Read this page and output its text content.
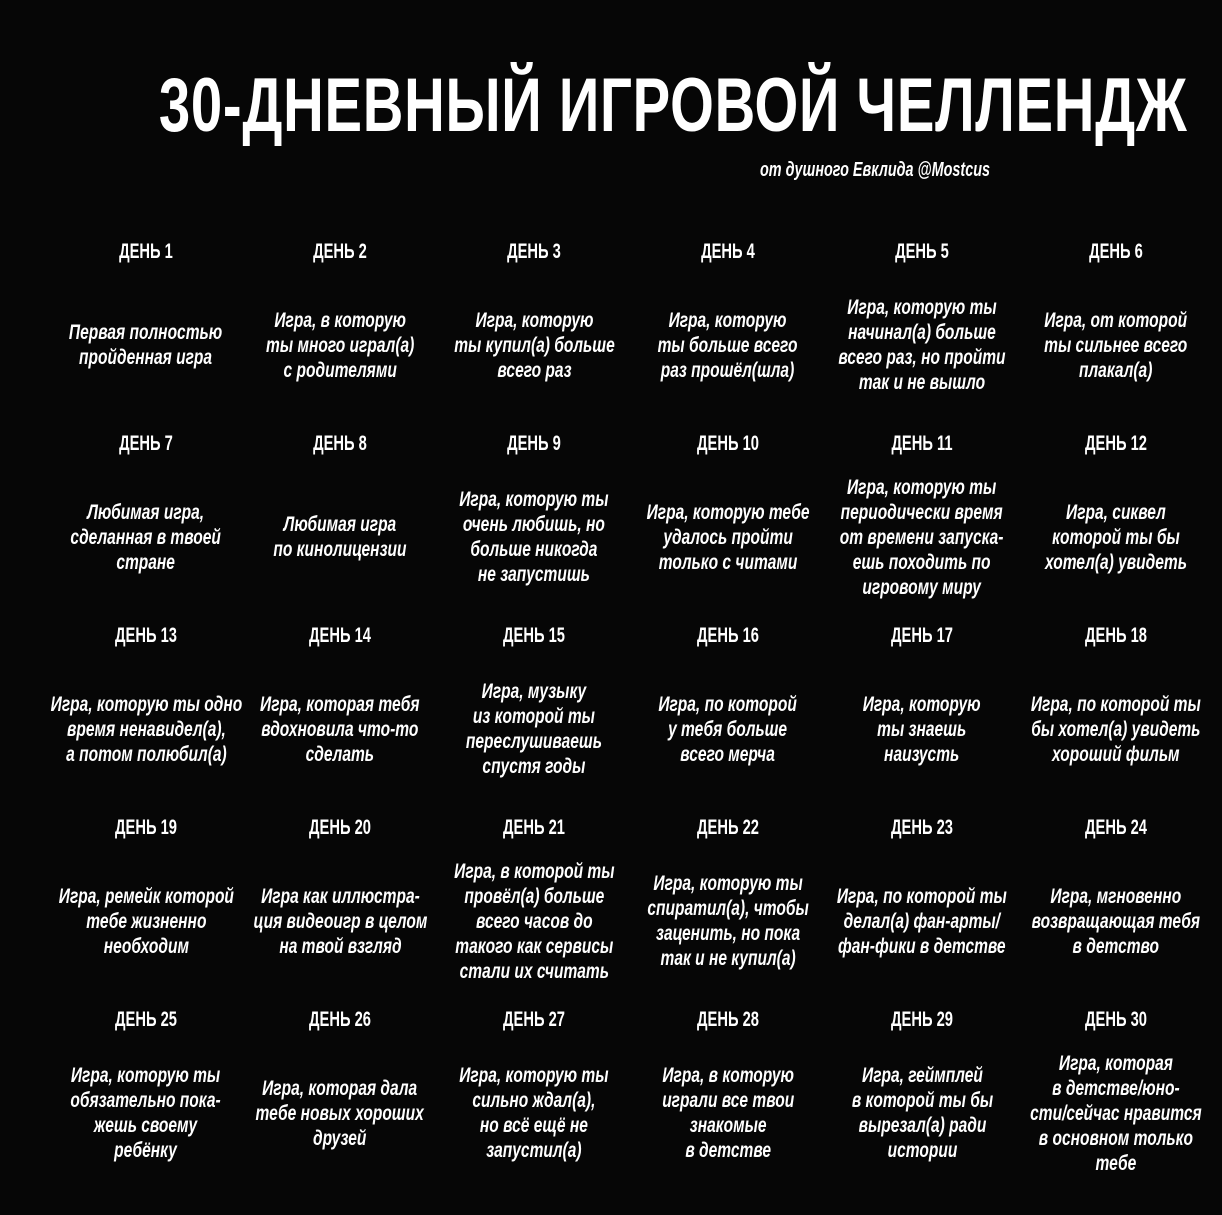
30-ДНЕВНЫЙ ИГРОВОЙ ЧЕЛЛЕНДЖ
от душного Евклида @Mostcus
ДЕНЬ 1
Первая полностью
пройденная игра
ДЕНЬ 2
Игра, в которую
ты много играл(а)
с родителями
ДЕНЬ 3
Игра, которую
ты купил(а) больше
всего раз
ДЕНЬ 4
Игра, которую
ты больше всего
раз прошёл(шла)
ДЕНЬ 5
Игра, которую ты
начинал(а) больше
всего раз, но пройти
так и не вышло
ДЕНЬ 6
Игра, от которой
ты сильнее всего
плакал(а)
ДЕНЬ 7
Любимая игра,
сделанная в твоей
стране
ДЕНЬ 8
Любимая игра
по кинолицензии
ДЕНЬ 9
Игра, которую ты
очень любишь, но
больше никогда
не запустишь
ДЕНЬ 10
Игра, которую тебе
удалось пройти
только с читами
ДЕНЬ 11
Игра, которую ты
периодически время
от времени запуска-
ешь походить по
игровому миру
ДЕНЬ 12
Игра, сиквел
которой ты бы
хотел(а) увидеть
ДЕНЬ 13
Игра, которую ты одно
время ненавидел(а),
а потом полюбил(а)
ДЕНЬ 14
Игра, которая тебя
вдохновила что-то
сделать
ДЕНЬ 15
Игра, музыку
из которой ты
переслушиваешь
спустя годы
ДЕНЬ 16
Игра, по которой
у тебя больше
всего мерча
ДЕНЬ 17
Игра, которую
ты знаешь
наизусть
ДЕНЬ 18
Игра, по которой ты
бы хотел(а) увидеть
хороший фильм
ДЕНЬ 19
Игра, ремейк которой
тебе жизненно
необходим
ДЕНЬ 20
Игра как иллюстра-
ция видеоигр в целом
на твой взгляд
ДЕНЬ 21
Игра, в которой ты
провёл(а) больше
всего часов до
такого как сервисы
стали их считать
ДЕНЬ 22
Игра, которую ты
спиратил(а), чтобы
заценить, но пока
так и не купил(а)
ДЕНЬ 23
Игра, по которой ты
делал(а) фан-арты/
фан-фики в детстве
ДЕНЬ 24
Игра, мгновенно
возвращающая тебя
в детство
ДЕНЬ 25
Игра, которую ты
обязательно пока-
жешь своему
ребёнку
ДЕНЬ 26
Игра, которая дала
тебе новых хороших
друзей
ДЕНЬ 27
Игра, которую ты
сильно ждал(а),
но всё ещё не
запустил(а)
ДЕНЬ 28
Игра, в которую
играли все твои
знакомые
в детстве
ДЕНЬ 29
Игра, геймплей
в которой ты бы
вырезал(а) ради
истории
ДЕНЬ 30
Игра, которая
в детстве/юно-
сти/сейчас нравится
в основном только
тебе
